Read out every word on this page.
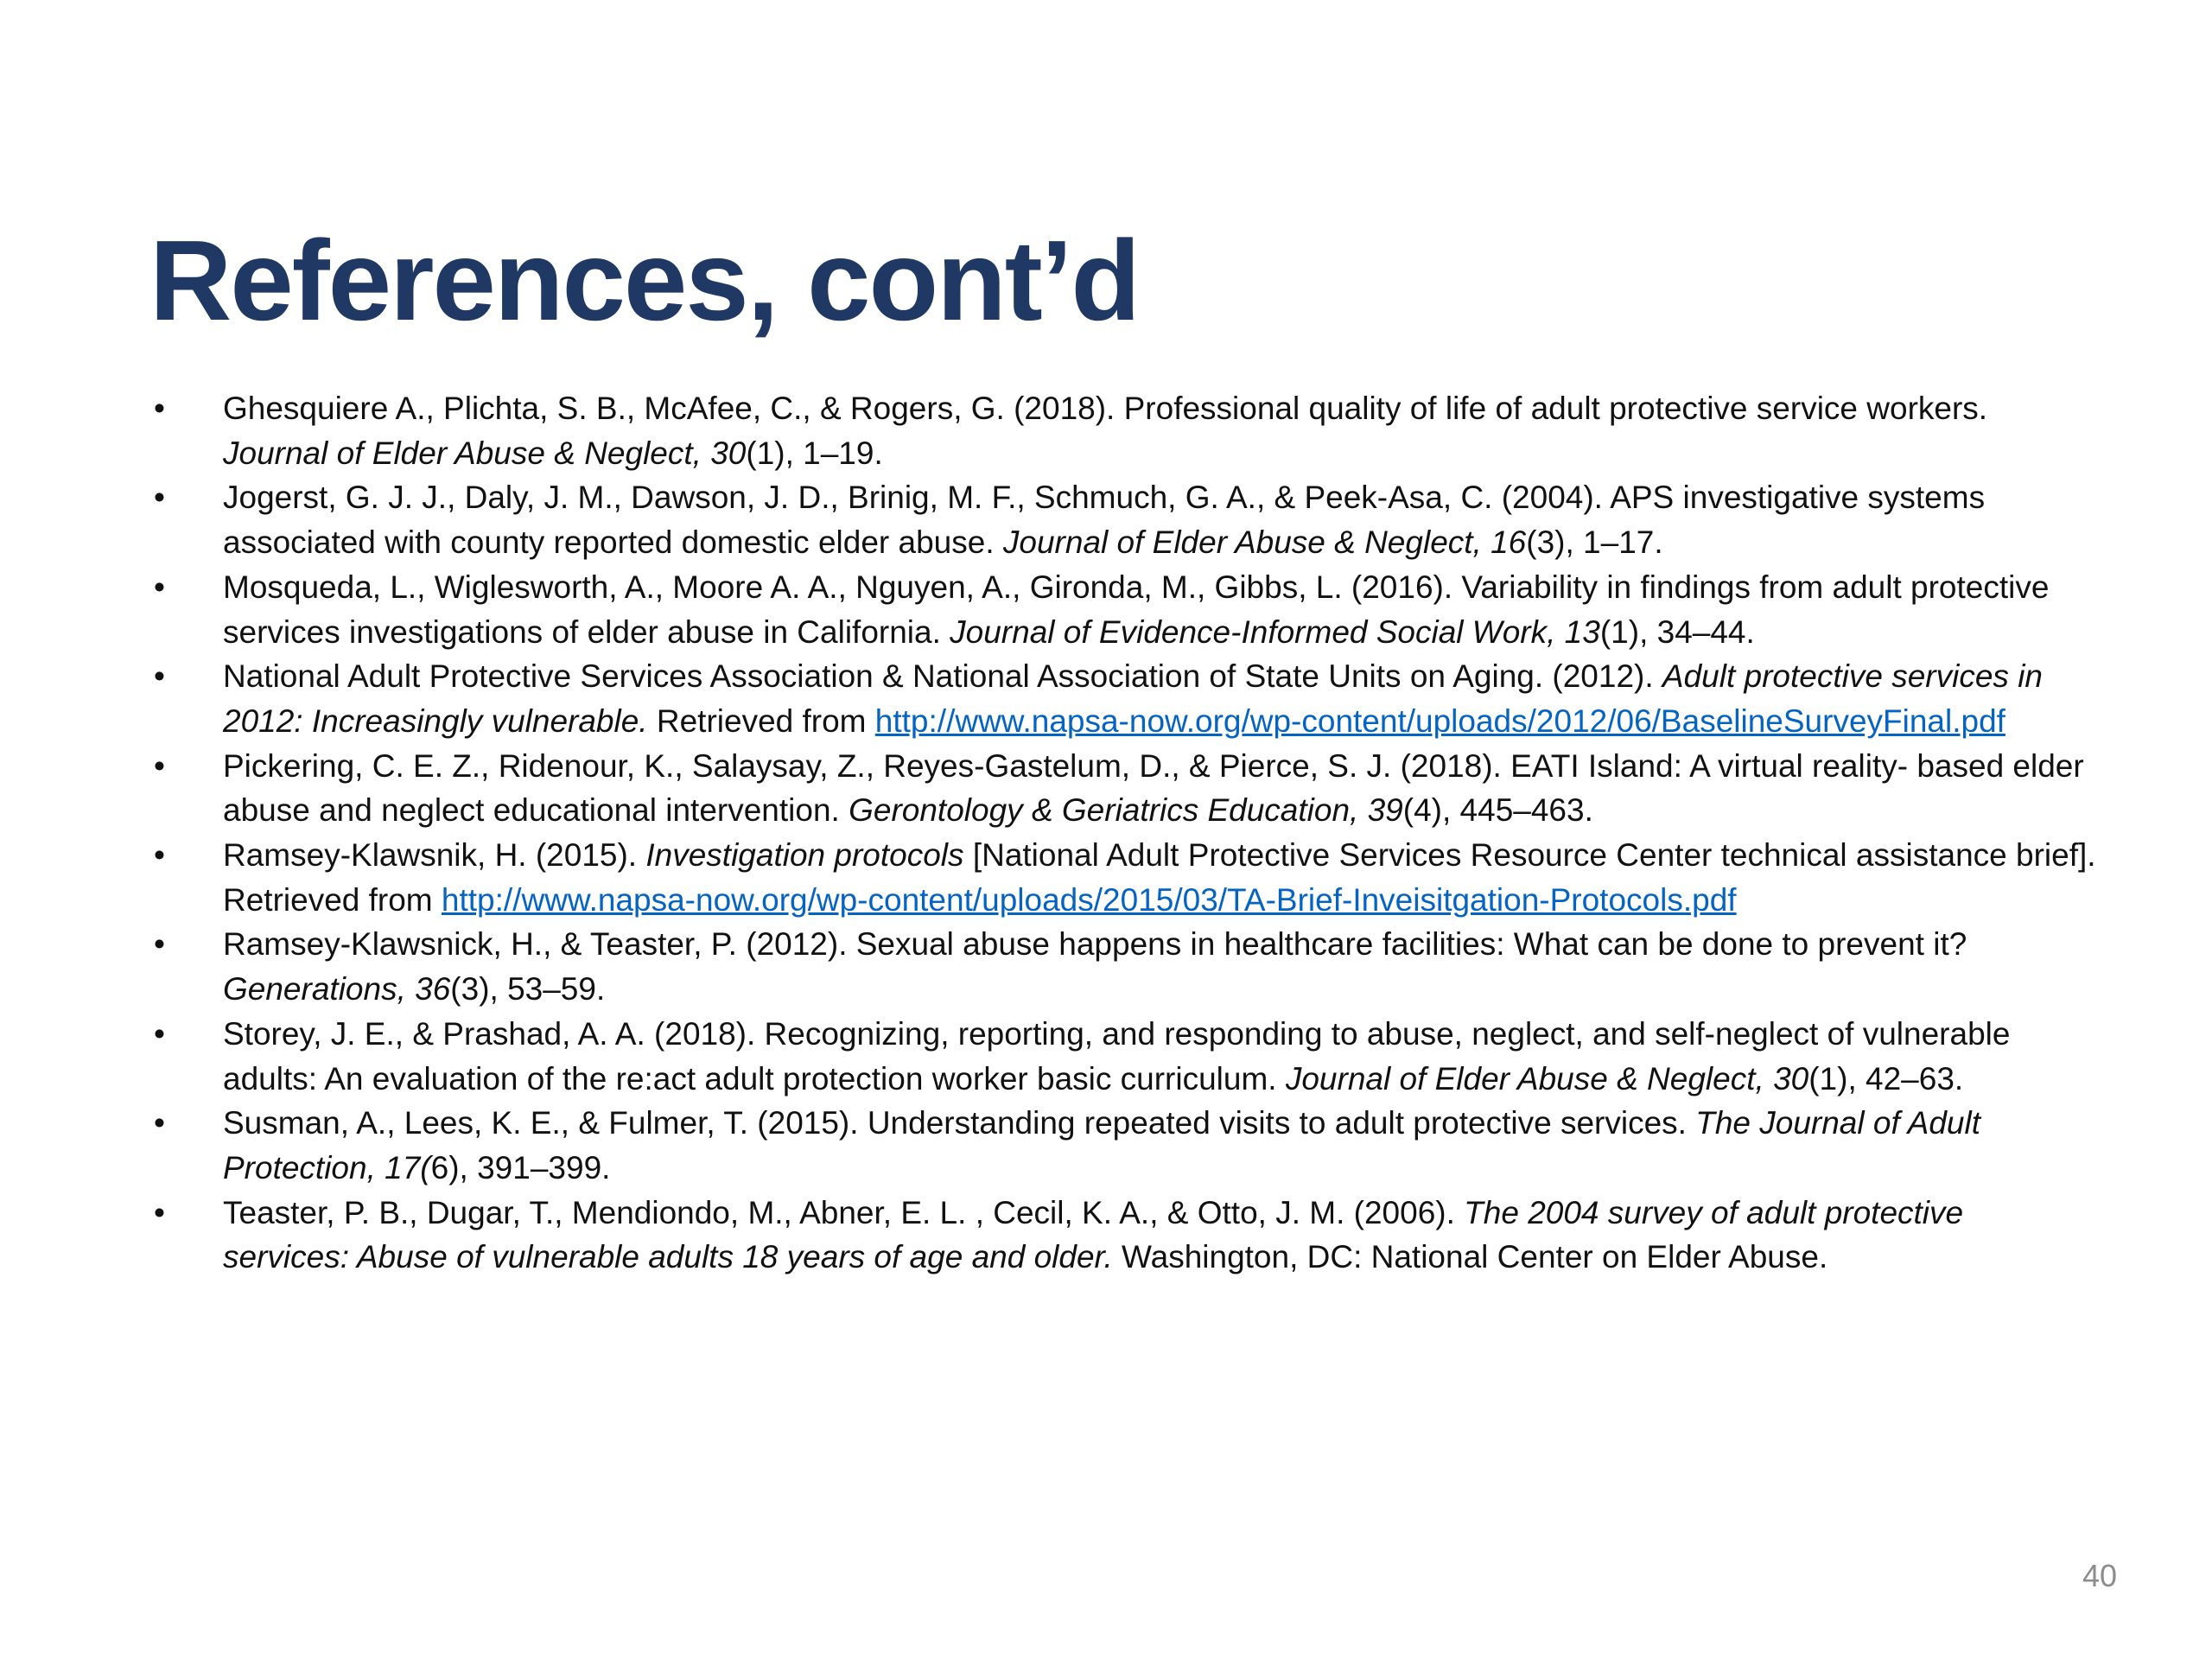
References, cont’d
•	Ghesquiere A., Plichta, S. B., McAfee, C., & Rogers, G. (2018). Professional quality of life of adult protective service workers. Journal of Elder Abuse & Neglect, 30(1), 1–19.
•	Jogerst, G. J. J., Daly, J. M., Dawson, J. D., Brinig, M. F., Schmuch, G. A., & Peek-Asa, C. (2004). APS investigative systems associated with county reported domestic elder abuse. Journal of Elder Abuse & Neglect, 16(3), 1–17.
•	Mosqueda, L., Wiglesworth, A., Moore A. A., Nguyen, A., Gironda, M., Gibbs, L. (2016). Variability in findings from adult protective services investigations of elder abuse in California. Journal of Evidence-Informed Social Work, 13(1), 34–44.
•	National Adult Protective Services Association & National Association of State Units on Aging. (2012). Adult protective services in 2012: Increasingly vulnerable. Retrieved from http://www.napsa-now.org/wp-content/uploads/2012/06/BaselineSurveyFinal.pdf
•	Pickering, C. E. Z., Ridenour, K., Salaysay, Z., Reyes-Gastelum, D., & Pierce, S. J. (2018). EATI Island: A virtual reality- based elder abuse and neglect educational intervention. Gerontology & Geriatrics Education, 39(4), 445–463.
•	Ramsey-Klawsnik, H. (2015). Investigation protocols [National Adult Protective Services Resource Center technical assistance brief]. Retrieved from http://www.napsa-now.org/wp-content/uploads/2015/03/TA-Brief-Inveisitgation-Protocols.pdf
•	Ramsey-Klawsnick, H., & Teaster, P. (2012). Sexual abuse happens in healthcare facilities: What can be done to prevent it? Generations, 36(3), 53–59.
•	Storey, J. E., & Prashad, A. A. (2018). Recognizing, reporting, and responding to abuse, neglect, and self-neglect of vulnerable adults: An evaluation of the re:act adult protection worker basic curriculum. Journal of Elder Abuse & Neglect, 30(1), 42–63.
•	Susman, A., Lees, K. E., & Fulmer, T. (2015). Understanding repeated visits to adult protective services. The Journal of Adult Protection, 17(6), 391–399.
•	Teaster, P. B., Dugar, T., Mendiondo, M., Abner, E. L. , Cecil, K. A., & Otto, J. M. (2006). The 2004 survey of adult protective services: Abuse of vulnerable adults 18 years of age and older. Washington, DC: National Center on Elder Abuse.
40
